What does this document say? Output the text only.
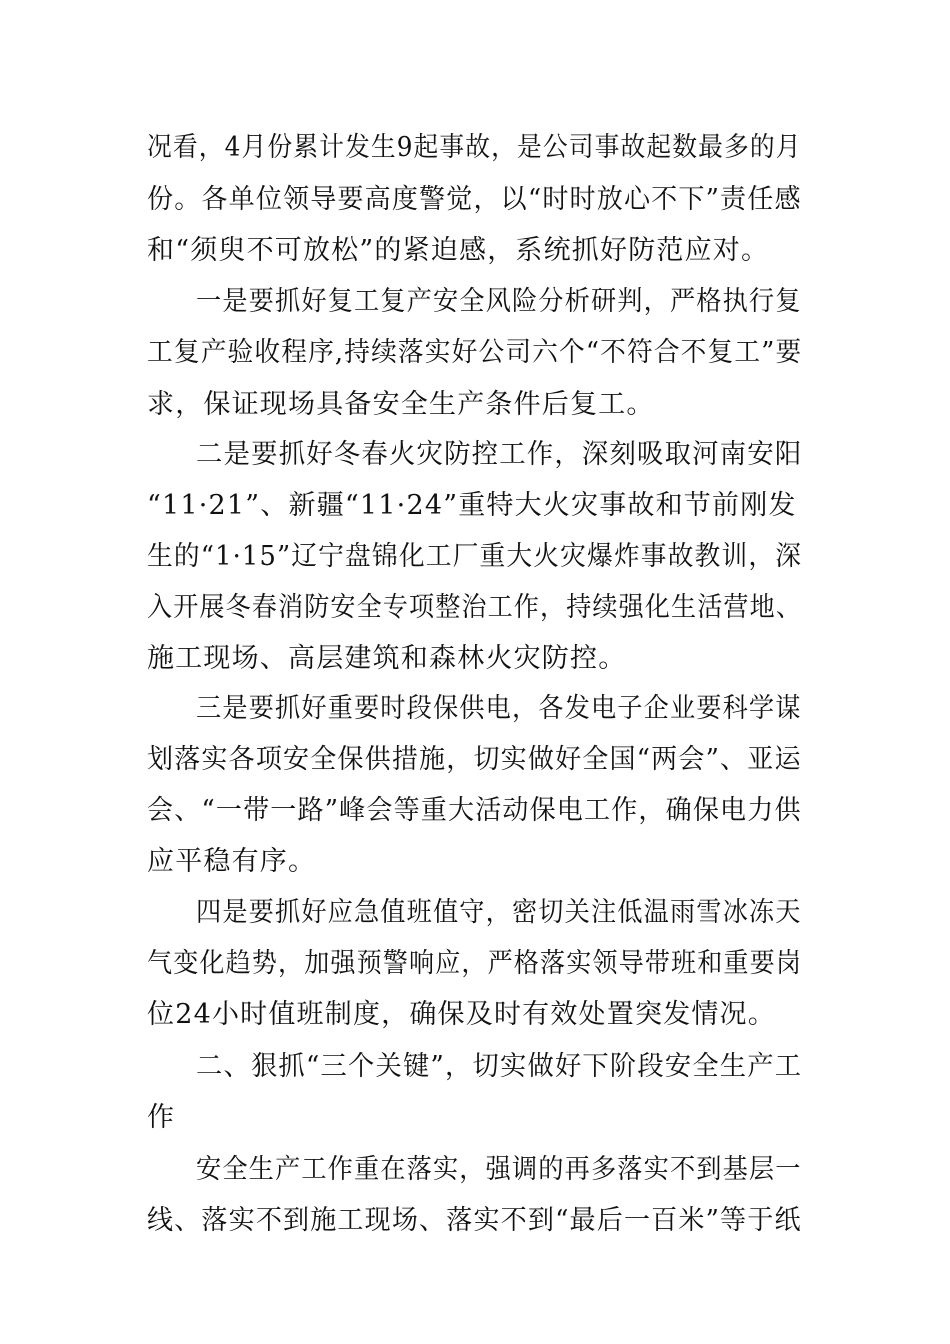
况看，4月份累计发生9起事故，是公司事故起数最多的月
份。各单位领导要高度警觉，以“时时放心不下”责任感
和“须臾不可放松”的紧迫感，系统抓好防范应对。
一是要抓好复工复产安全风险分析研判，严格执行复
工复产验收程序,持续落实好公司六个“不符合不复工”要
求，保证现场具备安全生产条件后复工。
二是要抓好冬春火灾防控工作，深刻吸取河南安阳
“11·21”、新疆“11·24”重特大火灾事故和节前刚发
生的“1·15”辽宁盘锦化工厂重大火灾爆炸事故教训，深
入开展冬春消防安全专项整治工作，持续强化生活营地、
施工现场、高层建筑和森林火灾防控。
三是要抓好重要时段保供电，各发电子企业要科学谋
划落实各项安全保供措施，切实做好全国“两会”、亚运
会、“一带一路”峰会等重大活动保电工作，确保电力供
应平稳有序。
四是要抓好应急值班值守，密切关注低温雨雪冰冻天
气变化趋势，加强预警响应，严格落实领导带班和重要岗
位24小时值班制度，确保及时有效处置突发情况。
二、狠抓“三个关键”，切实做好下阶段安全生产工
作
安全生产工作重在落实，强调的再多落实不到基层一
线、落实不到施工现场、落实不到“最后一百米”等于纸
